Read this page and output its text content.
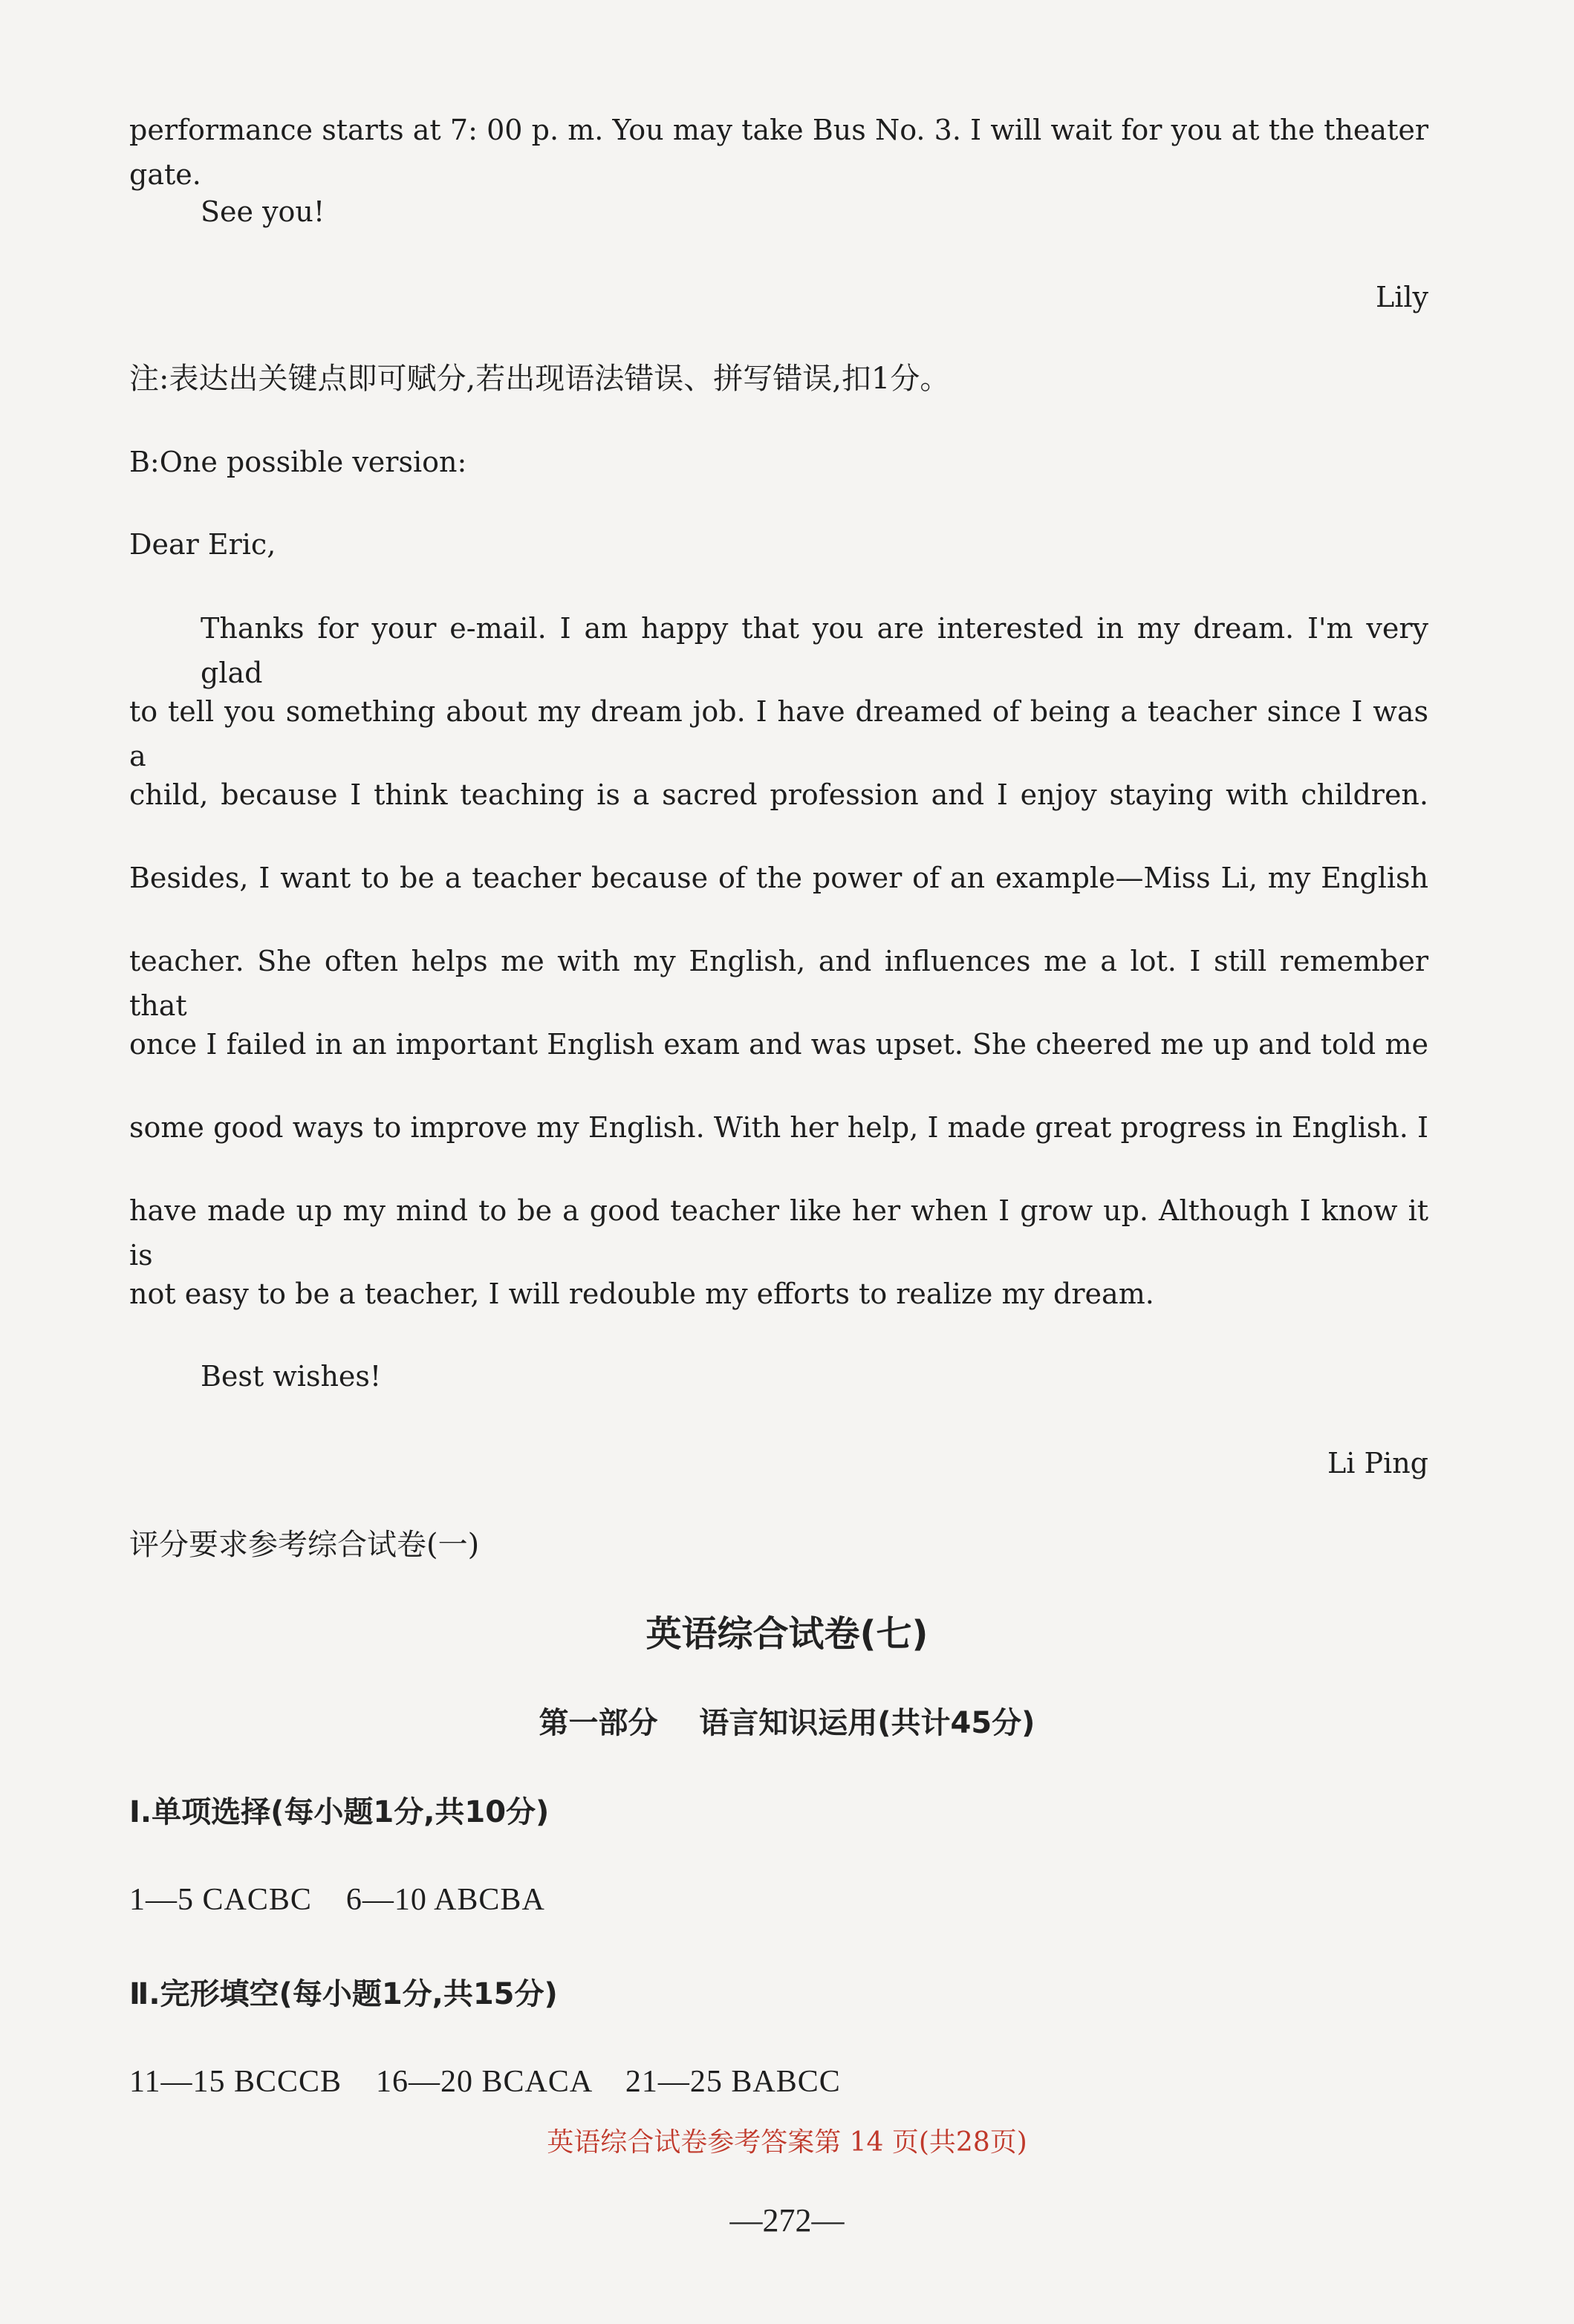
performance starts at 7: 00 p. m. You may take Bus No. 3. I will wait for you at the theater gate.
See you!
Lily
注:表达出关键点即可赋分,若出现语法错误、拼写错误,扣1分。
B:One possible version:
Dear Eric,
Thanks for your e-mail. I am happy that you are interested in my dream. I'm very glad
to tell you something about my dream job. I have dreamed of being a teacher since I was a
child, because I think teaching is a sacred profession and I enjoy staying with children.
Besides, I want to be a teacher because of the power of an example—Miss Li, my English
teacher. She often helps me with my English, and influences me a lot. I still remember that
once I failed in an important English exam and was upset. She cheered me up and told me
some good ways to improve my English. With her help, I made great progress in English. I
have made up my mind to be a good teacher like her when I grow up. Although I know it is
not easy to be a teacher, I will redouble my efforts to realize my dream.
Best wishes!
Li Ping
评分要求参考综合试卷(一)
英语综合试卷(七)
第一部分    语言知识运用(共计45分)
Ⅰ.单项选择(每小题1分,共10分)
1—5 CACBC    6—10 ABCBA
Ⅱ.完形填空(每小题1分,共15分)
11—15 BCCCB    16—20 BCACA    21—25 BABCC
英语综合试卷参考答案第 14 页(共28页)
—272—
